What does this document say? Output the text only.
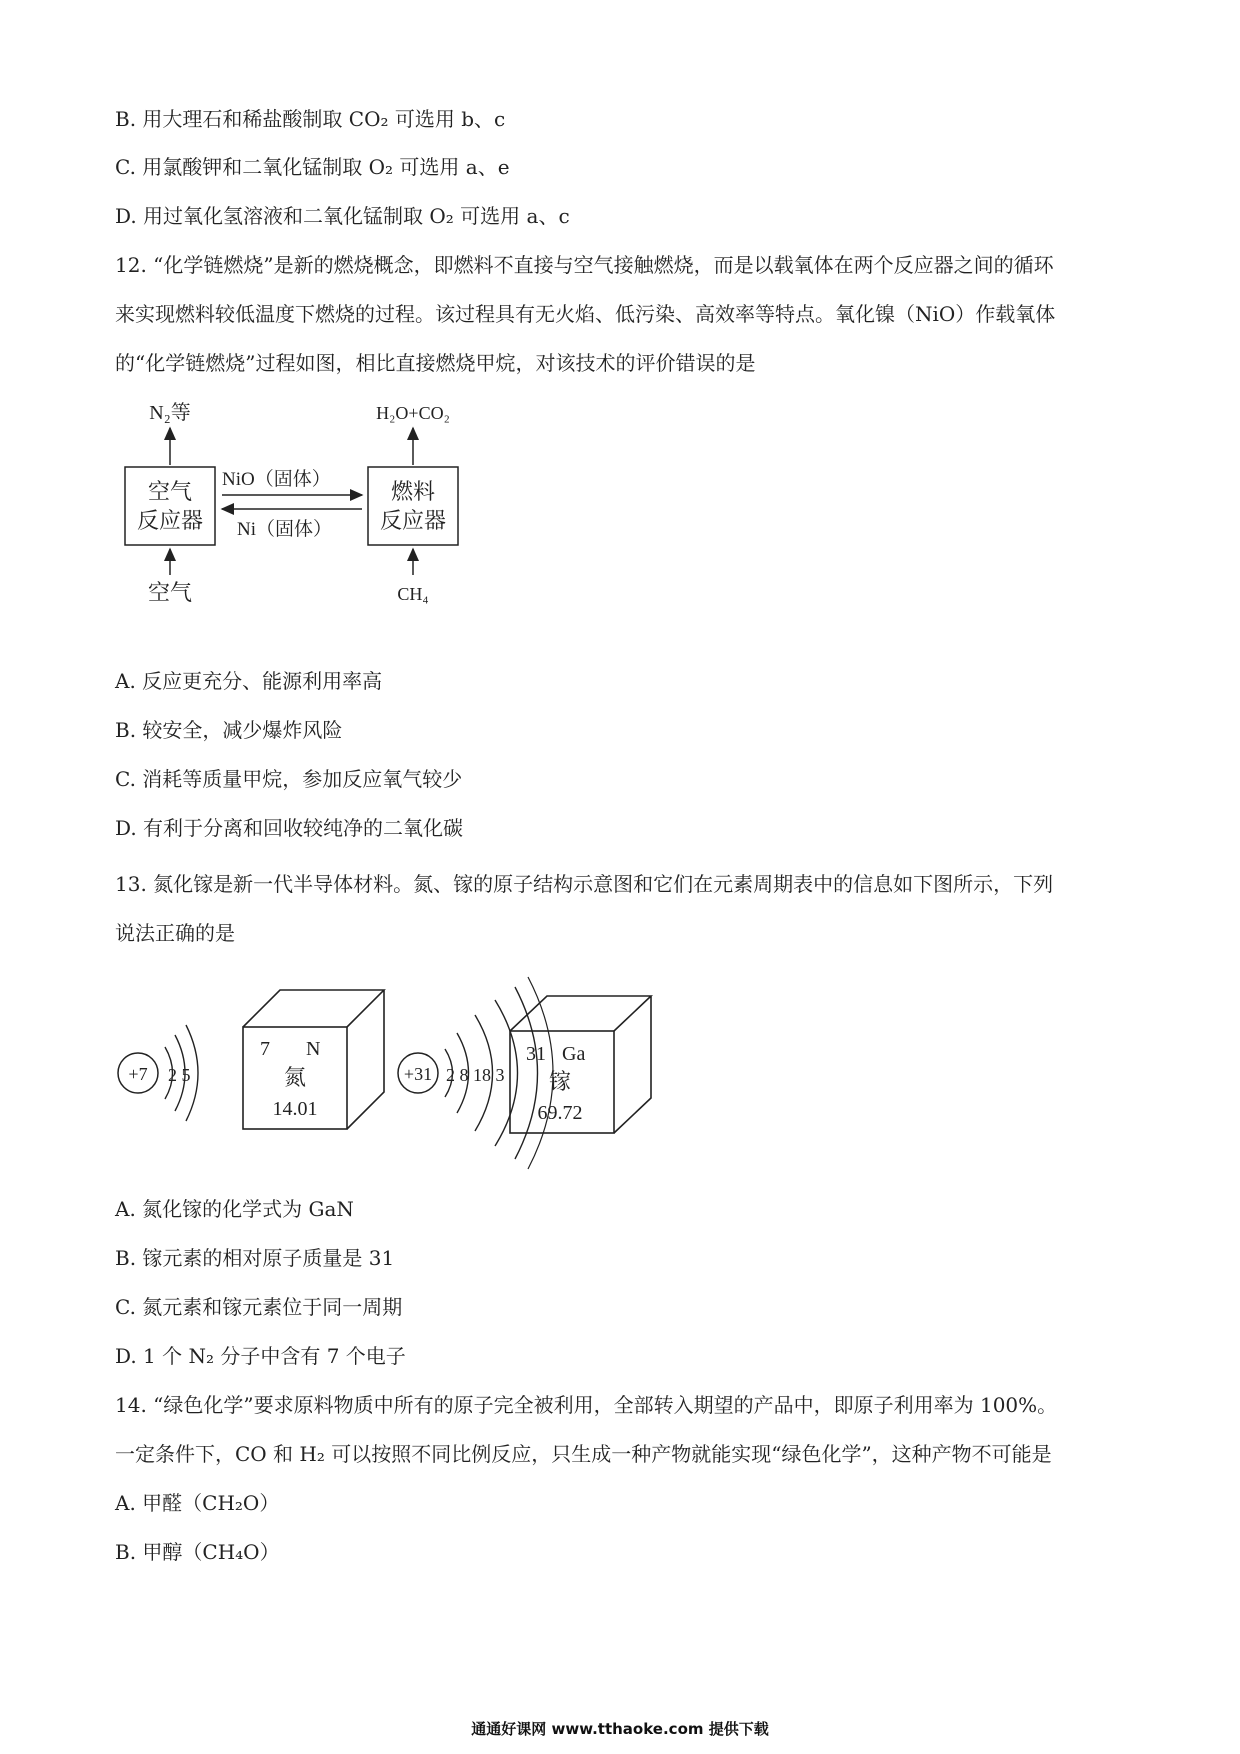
B. 用大理石和稀盐酸制取 CO₂ 可选用 b、c
C. 用氯酸钾和二氧化锰制取 O₂ 可选用 a、e
D. 用过氧化氢溶液和二氧化锰制取 O₂ 可选用 a、c
12. “化学链燃烧”是新的燃烧概念，即燃料不直接与空气接触燃烧，而是以载氧体在两个反应器之间的循环
来实现燃料较低温度下燃烧的过程。该过程具有无火焰、低污染、高效率等特点。氧化镍（NiO）作载氧体
的“化学链燃烧”过程如图，相比直接燃烧甲烷，对该技术的评价错误的是
空气
反应器
燃料
反应器
N₂等	H₂O+CO₂
空气	CH₄
NiO（固体）
Ni（固体）
A. 反应更充分、能源利用率高
B. 较安全，减少爆炸风险
C. 消耗等质量甲烷，参加反应氧气较少
D. 有利于分离和回收较纯净的二氧化碳
13. 氮化镓是新一代半导体材料。氮、镓的原子结构示意图和它们在元素周期表中的信息如下图所示，下列
说法正确的是
+7 2 5
7 N
氮
14.01
+31 2 8 18 3
31 Ga
镓
69.72
A. 氮化镓的化学式为 GaN
B. 镓元素的相对原子质量是 31
C. 氮元素和镓元素位于同一周期
D. 1 个 N₂ 分子中含有 7 个电子
14. “绿色化学”要求原料物质中所有的原子完全被利用，全部转入期望的产品中，即原子利用率为 100%。
一定条件下，CO 和 H₂ 可以按照不同比例反应，只生成一种产物就能实现“绿色化学”，这种产物不可能是
A. 甲醛（CH₂O）
B. 甲醇（CH₄O）
通通好课网 www.tthaoke.com 提供下载
